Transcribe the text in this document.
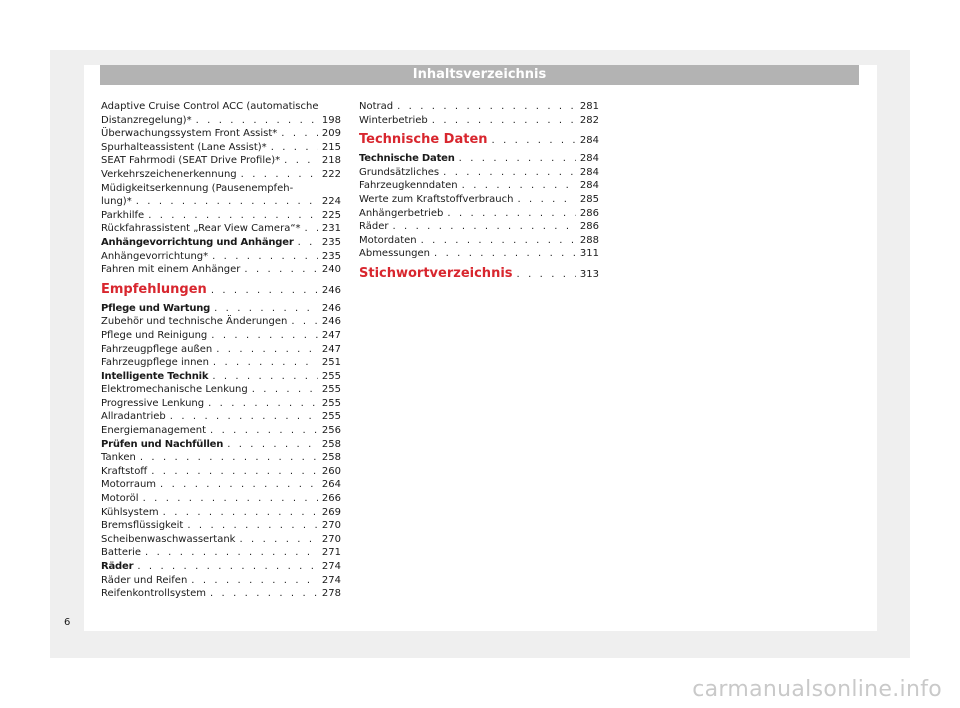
Inhaltsverzeichnis
Adaptive Cruise Control ACC (automatische
Distanzregelung)* . . .	198
Überwachungssystem Front Assist* . . .	209
Spurhalteassistent (Lane Assist)* . . .	215
SEAT Fahrmodi (SEAT Drive Profile)* . . .	218
Verkehrszeichenerkennung . . .	222
Müdigkeitserkennung (Pausenempfeh-
lung)* . . .	224
Parkhilfe . . .	225
Rückfahrassistent „Rear View Camera“* . . . 231
Anhängevorrichtung und Anhänger . . .	235
Anhängevorrichtung* . . .	235
Fahren mit einem Anhänger . . .	240
Empfehlungen . . .	246
Pflege und Wartung . . .	246
Zubehör und technische Änderungen . . .	246
Pflege und Reinigung . . .	247
Fahrzeugpflege außen . . .	247
Fahrzeugpflege innen . . .	251
Intelligente Technik . . .	255
Elektromechanische Lenkung . . .	255
Progressive Lenkung . . .	255
Allradantrieb . . .	255
Energiemanagement . . .	256
Prüfen und Nachfüllen . . .	258
Tanken . . .	258
Kraftstoff . . .	260
Motorraum . . .	264
Motoröl . . .	266
Kühlsystem . . .	269
Bremsflüssigkeit . . .	270
Scheibenwaschwassertank . . .	270
Batterie . . .	271
Räder . . .	274
Räder und Reifen . . .	274
Reifenkontrollsystem . . .	278
Notrad . . .	281
Winterbetrieb . . .	282
Technische Daten . . .	284
Technische Daten . . .	284
Grundsätzliches . . .	284
Fahrzeugkenndaten . . .	284
Werte zum Kraftstoffverbrauch . . .	285
Anhängerbetrieb . . .	286
Räder . . .	286
Motordaten . . .	288
Abmessungen . . .	311
Stichwortverzeichnis . . .	313
6
carmanualsonline.info
